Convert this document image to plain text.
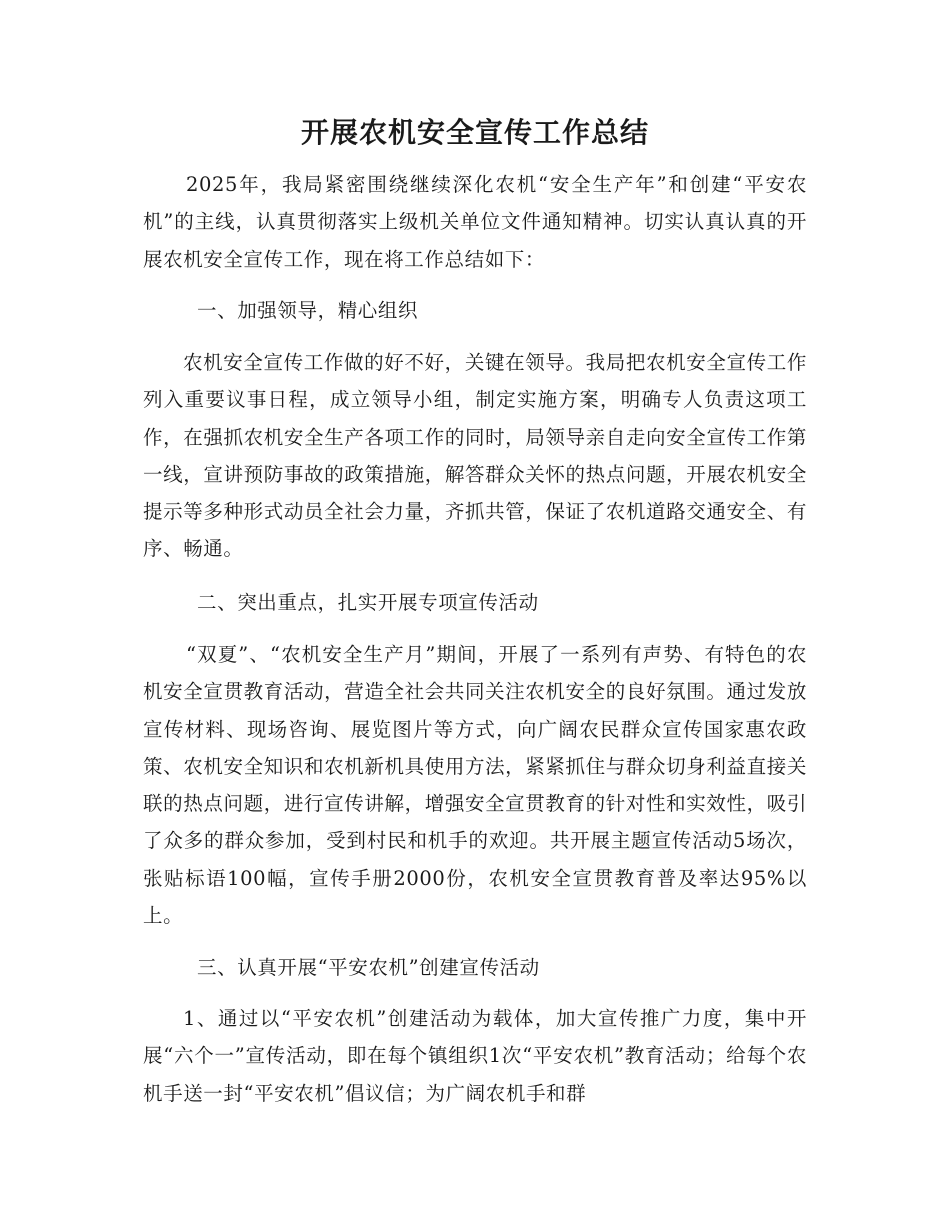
开展农机安全宣传工作总结

2025年，我局紧密围绕继续深化农机“安全生产年”和创建“平安农机”的主线，认真贯彻落实上级机关单位文件通知精神。切实认真认真的开展农机安全宣传工作，现在将工作总结如下：

一、加强领导，精心组织

农机安全宣传工作做的好不好，关键在领导。我局把农机安全宣传工作列入重要议事日程，成立领导小组，制定实施方案，明确专人负责这项工作，在强抓农机安全生产各项工作的同时，局领导亲自走向安全宣传工作第一线，宣讲预防事故的政策措施，解答群众关怀的热点问题，开展农机安全提示等多种形式动员全社会力量，齐抓共管，保证了农机道路交通安全、有序、畅通。

二、突出重点，扎实开展专项宣传活动

“双夏”、“农机安全生产月”期间，开展了一系列有声势、有特色的农机安全宣贯教育活动，营造全社会共同关注农机安全的良好氛围。通过发放宣传材料、现场咨询、展览图片等方式，向广阔农民群众宣传国家惠农政策、农机安全知识和农机新机具使用方法，紧紧抓住与群众切身利益直接关联的热点问题，进行宣传讲解，增强安全宣贯教育的针对性和实效性，吸引了众多的群众参加，受到村民和机手的欢迎。共开展主题宣传活动5场次，张贴标语100幅，宣传手册2000份，农机安全宣贯教育普及率达95%以上。

三、认真开展“平安农机”创建宣传活动

1、通过以“平安农机”创建活动为载体，加大宣传推广力度，集中开展“六个一”宣传活动，即在每个镇组织1次“平安农机”教育活动；给每个农机手送一封“平安农机”倡议信；为广阔农机手和群
